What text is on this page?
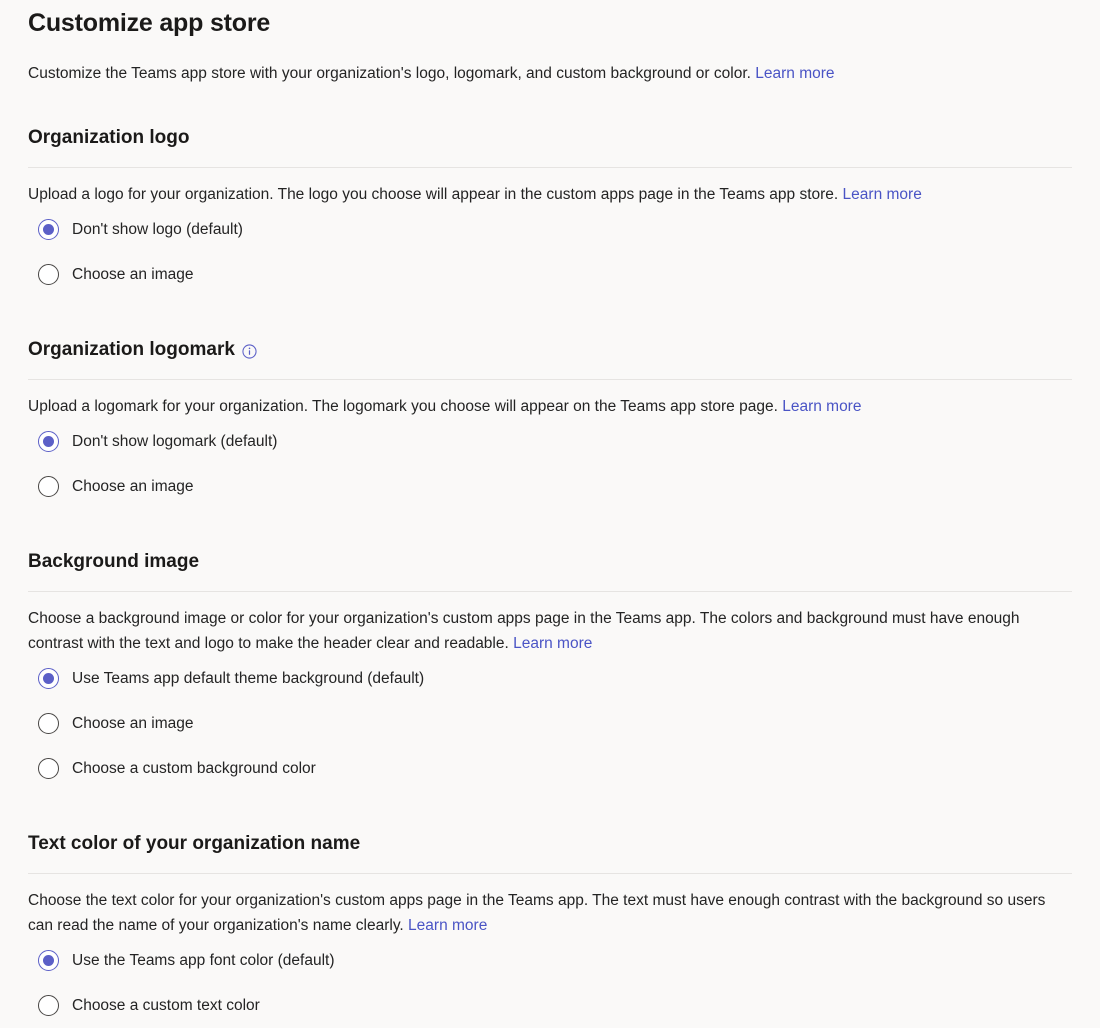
Customize app store
Customize the Teams app store with your organization's logo, logomark, and custom background or color. Learn more
Organization logo
Upload a logo for your organization. The logo you choose will appear in the custom apps page in the Teams app store. Learn more
Don't show logo (default)
Choose an image
Organization logomark
Upload a logomark for your organization. The logomark you choose will appear on the Teams app store page. Learn more
Don't show logomark (default)
Choose an image
Background image
Choose a background image or color for your organization's custom apps page in the Teams app. The colors and background must have enough contrast with the text and logo to make the header clear and readable. Learn more
Use Teams app default theme background (default)
Choose an image
Choose a custom background color
Text color of your organization name
Choose the text color for your organization's custom apps page in the Teams app. The text must have enough contrast with the background so users can read the name of your organization's name clearly. Learn more
Use the Teams app font color (default)
Choose a custom text color
